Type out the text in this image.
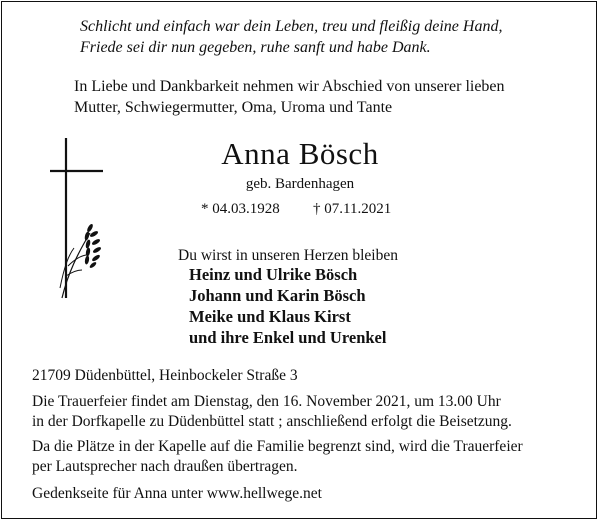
Schlicht und einfach war dein Leben, treu und fleißig deine Hand,
Friede sei dir nun gegeben, ruhe sanft und habe Dank.
In Liebe und Dankbarkeit nehmen wir Abschied von unserer lieben
Mutter, Schwiegermutter, Oma, Uroma und Tante
Anna Bösch
geb. Bardenhagen
* 04.03.1928 † 07.11.2021
Du wirst in unseren Herzen bleiben
Heinz und Ulrike Bösch
Johann und Karin Bösch
Meike und Klaus Kirst
und ihre Enkel und Urenkel
21709 Düdenbüttel, Heinbockeler Straße 3
Die Trauerfeier findet am Dienstag, den 16. November 2021, um 13.00 Uhr
in der Dorfkapelle zu Düdenbüttel statt ; anschließend erfolgt die Beisetzung.
Da die Plätze in der Kapelle auf die Familie begrenzt sind, wird die Trauerfeier
per Lautsprecher nach draußen übertragen.
Gedenkseite für Anna unter www.hellwege.net
